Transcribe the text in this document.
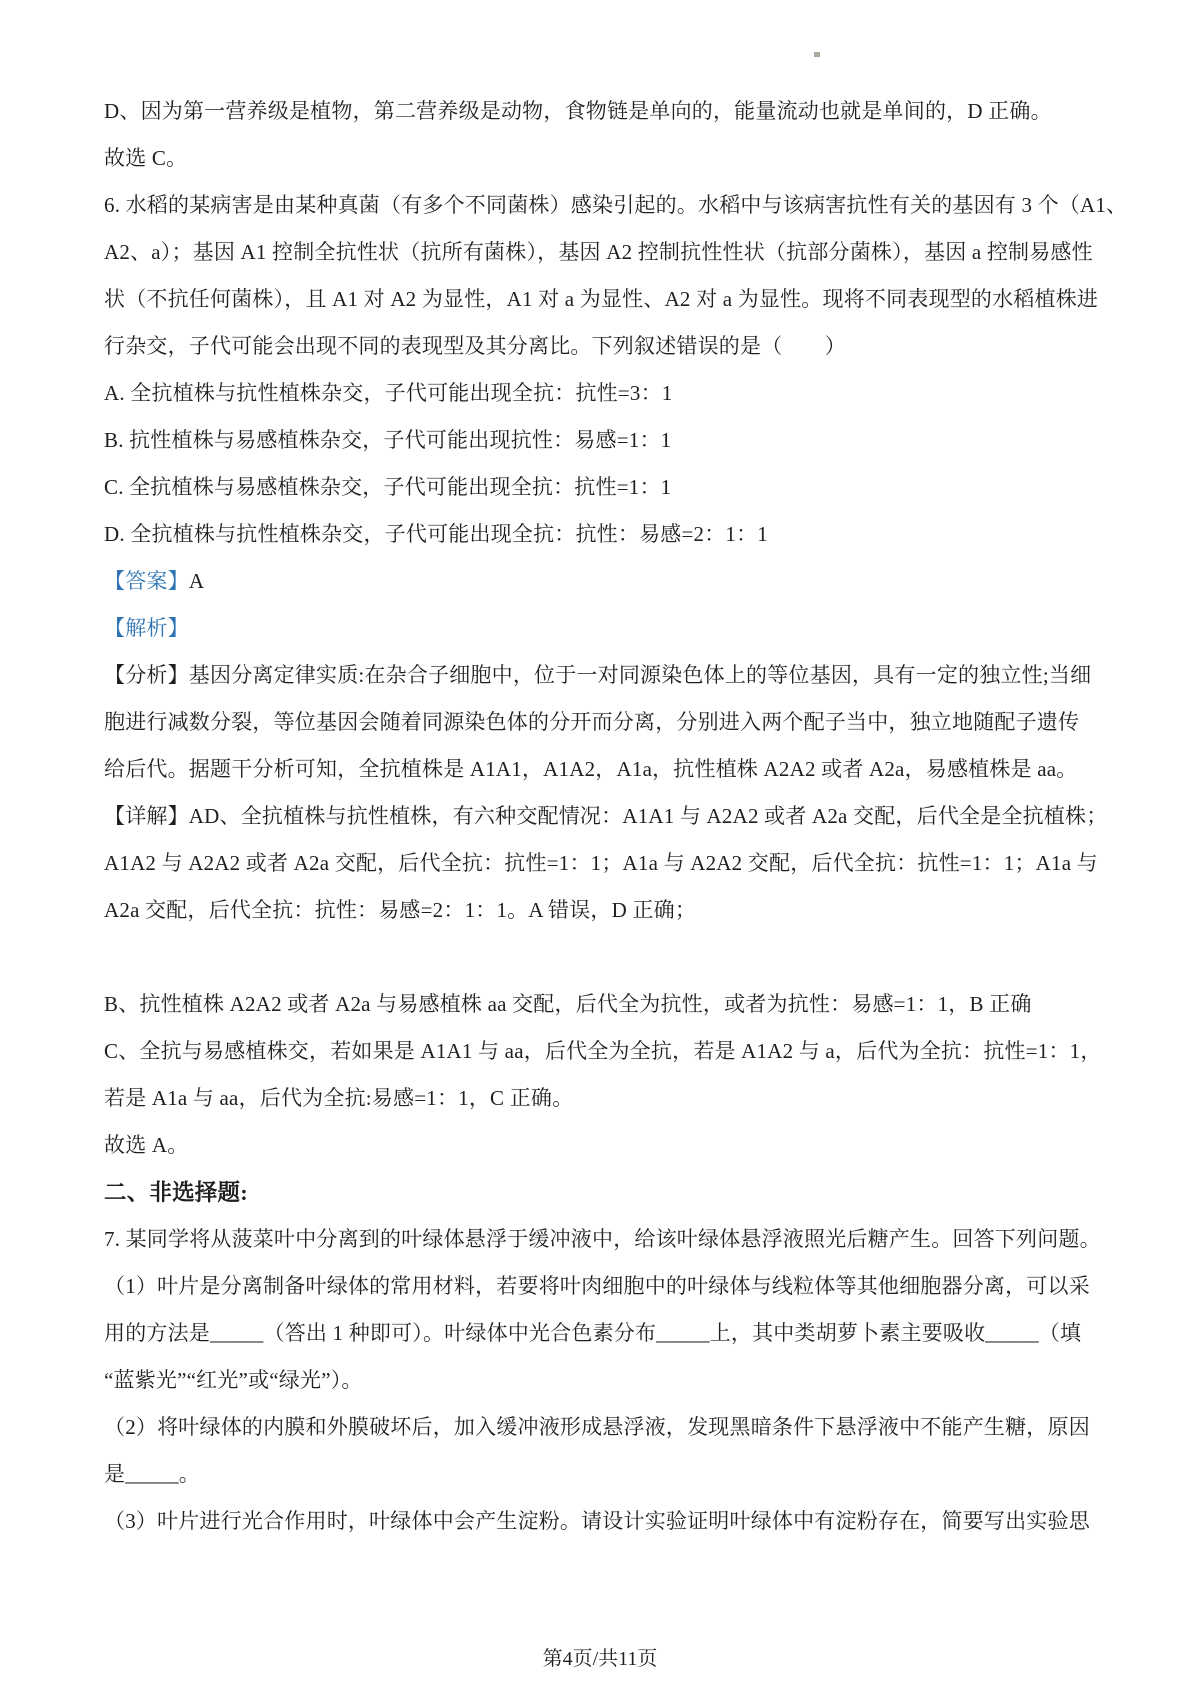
D、因为第一营养级是植物，第二营养级是动物，食物链是单向的，能量流动也就是单间的，D 正确。
故选 C。
6. 水稻的某病害是由某种真菌（有多个不同菌株）感染引起的。水稻中与该病害抗性有关的基因有 3 个（A1、
A2、a）；基因 A1 控制全抗性状（抗所有菌株），基因 A2 控制抗性性状（抗部分菌株），基因 a 控制易感性
状（不抗任何菌株），且 A1 对 A2 为显性，A1 对 a 为显性、A2 对 a 为显性。现将不同表现型的水稻植株进
行杂交，子代可能会出现不同的表现型及其分离比。下列叙述错误的是（　　）
A. 全抗植株与抗性植株杂交，子代可能出现全抗：抗性=3：1
B. 抗性植株与易感植株杂交，子代可能出现抗性：易感=1：1
C. 全抗植株与易感植株杂交，子代可能出现全抗：抗性=1：1
D. 全抗植株与抗性植株杂交，子代可能出现全抗：抗性：易感=2：1：1
【答案】A
【解析】
【分析】基因分离定律实质:在杂合子细胞中，位于一对同源染色体上的等位基因，具有一定的独立性;当细
胞进行减数分裂，等位基因会随着同源染色体的分开而分离，分别进入两个配子当中，独立地随配子遗传
给后代。据题干分析可知，全抗植株是 A1A1，A1A2，A1a，抗性植株 A2A2 或者 A2a，易感植株是 aa。
【详解】AD、全抗植株与抗性植株，有六种交配情况：A1A1 与 A2A2 或者 A2a 交配，后代全是全抗植株；
A1A2 与 A2A2 或者 A2a 交配，后代全抗：抗性=1：1；A1a 与 A2A2 交配，后代全抗：抗性=1：1；A1a 与
A2a 交配，后代全抗：抗性：易感=2：1：1。A 错误，D 正确；
B、抗性植株 A2A2 或者 A2a 与易感植株 aa 交配，后代全为抗性，或者为抗性：易感=1：1，B 正确
C、全抗与易感植株交，若如果是 A1A1 与 aa，后代全为全抗，若是 A1A2 与 a，后代为全抗：抗性=1：1，
若是 A1a 与 aa，后代为全抗:易感=1：1，C 正确。
故选 A。
二、非选择题:
7. 某同学将从菠菜叶中分离到的叶绿体悬浮于缓冲液中，给该叶绿体悬浮液照光后糖产生。回答下列问题。
（1）叶片是分离制备叶绿体的常用材料，若要将叶肉细胞中的叶绿体与线粒体等其他细胞器分离，可以采
用的方法是_____（答出 1 种即可）。叶绿体中光合色素分布_____上，其中类胡萝卜素主要吸收_____（填
“蓝紫光”“红光”或“绿光”）。
（2）将叶绿体的内膜和外膜破坏后，加入缓冲液形成悬浮液，发现黑暗条件下悬浮液中不能产生糖，原因
是_____。
（3）叶片进行光合作用时，叶绿体中会产生淀粉。请设计实验证明叶绿体中有淀粉存在，简要写出实验思
第4页/共11页
